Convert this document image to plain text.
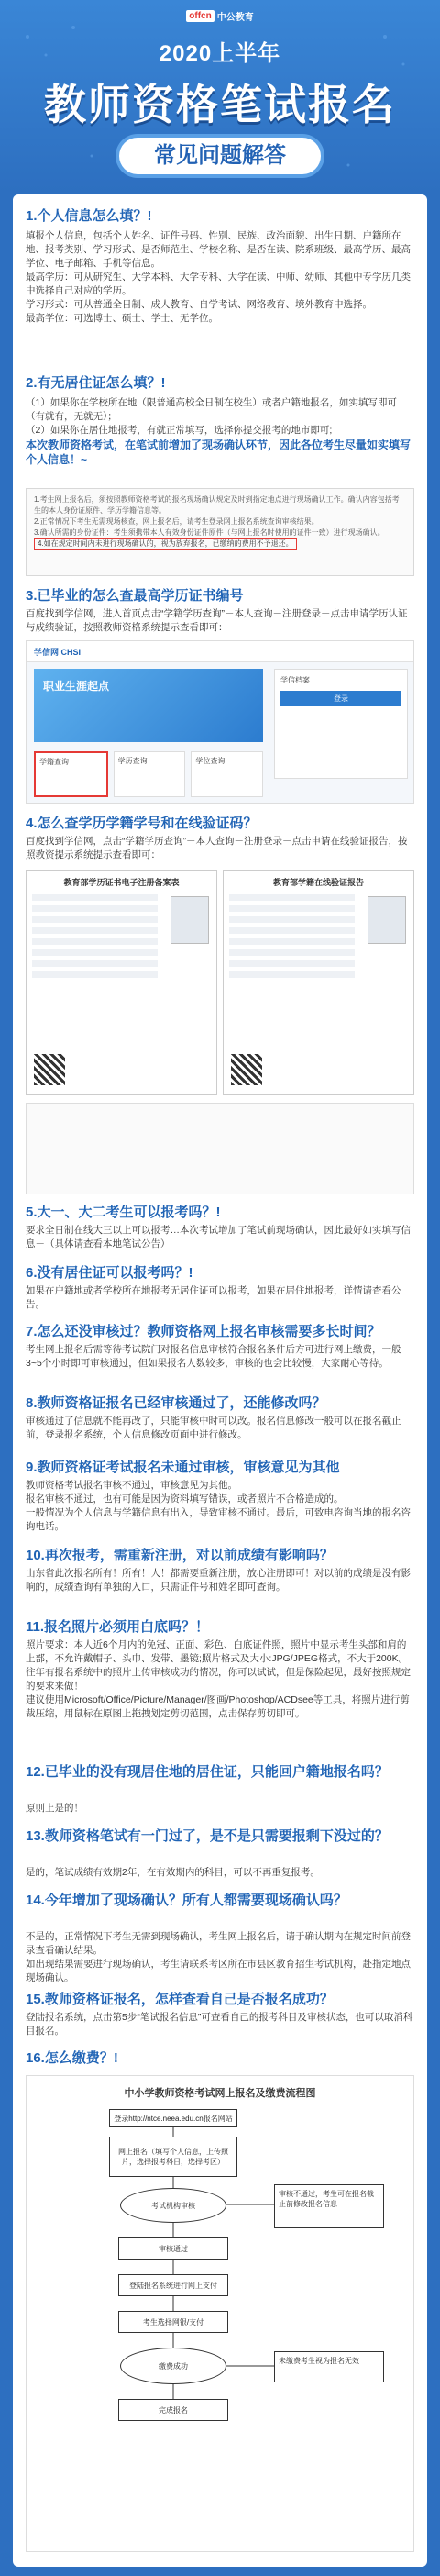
offcn 中公教育
2020上半年
教师资格笔试报名
常见问题解答
1.个人信息怎么填？!

填报个人信息，包括个人姓名、证件号码、性别、民族、政治面貌、出生日期、户籍所在地、报考类别、学习形式、是否师范生、学校名称、是否在读、院系班级、最高学历、最高学位、电子邮箱、手机等信息。

最高学历：可从研究生、大学本科、大学专科、大学在读、中师、幼师、其他中专学历几类中选择自己对应的学历。

学习形式：可从普通全日制、成人教育、自学考试、网络教育、境外教育中选择。

最高学位：可选博士、硕士、学士、无学位。

2.有无居住证怎么填？!

（1）如果你在学校所在地（限普通高校全日制在校生）或者户籍地报名，如实填写即可（有就有，无就无）；

（2）如果你在居住地报考，有就正常填写，选择你提交报考的地市即可;

本次教师资格考试，在笔试前增加了现场确认环节，因此各位考生尽量如实填写个人信息！~

1.考生网上报名后，须按照教师资格考试的报名现场确认规定及时到指定地点进行现场确认工作。确认内容包括考生的本人身份证原件、学历学籍信息等。
2.正常情况下考生无需现场核查，网上报名后，请考生登录网上报名系统查询审核结果。
3.确认所需的身份证件：考生须携带本人有效身份证件原件（与网上报名时使用的证件一致）进行现场确认。
4.如在规定时间内未进行现场确认的，视为放弃报名，已缴纳的费用不予退还。
3.已毕业的怎么查最高学历证书编号

百度找到学信网，进入首页点击“学籍学历查询”－本人查询－注册登录－点击申请学历认证与成绩验证，按照教师资格系统提示查看即可：

学信网 CHSI
职业生涯起点	学信档案
登录
学籍查询	学历查询	学位查询
4.怎么查学历学籍学号和在线验证码？

百度找到学信网，点击“学籍学历查询”－本人查询－注册登录－点击申请在线验证报告，按照教资提示系统提示查看即可：

教育部学历证书电子注册备案表	教育部学籍在线验证报告
5.大一、大二考生可以报考吗？!

要求全日制在线大三以上可以报考…本次考试增加了笔试前现场确认，因此最好如实填写信息－（具体请查看本地笔试公告）

6.没有居住证可以报考吗？!

如果在户籍地或者学校所在地报考无居住证可以报考，如果在居住地报考，详情请查看公告。

7.怎么还没审核过？教师资格网上报名审核需要多长时间？

考生网上报名后需等待考试院门对报名信息审核符合报名条件后方可进行网上缴费，一般3~5个小时即可审核通过，但如果报名人数较多，审核的也会比较慢，大家耐心等待。

8.教师资格证报名已经审核通过了，还能修改吗？

审核通过了信息就不能再改了，只能审核中时可以改。报名信息修改一般可以在报名截止前，登录报名系统，个人信息修改页面中进行修改。

9.教师资格证考试报名未通过审核，审核意见为其他

教师资格考试报名审核不通过，审核意见为其他。

报名审核不通过，也有可能是因为资料填写错误，或者照片不合格造成的。

一般情况为个人信息与学籍信息有出入，导致审核不通过。最后，可致电咨询当地的报名咨询电话。

10.再次报考，需重新注册，对以前成绩有影响吗？

山东省此次报名所有！所有！人！都需要重新注册，放心注册即可！对以前的成绩是没有影响的，成绩查询有单独的入口，只需证件号和姓名即可查询。

11.报名照片必须用白底吗？！

照片要求：本人近6个月内的免冠、正面、彩色、白底证件照，照片中显示考生头部和肩的上部，不允许戴帽子、头巾、发带、墨镜;照片格式及大小:JPG/JPEG格式，不大于200K。

往年有报名系统中的照片上传审核成功的情况，你可以试试，但是保险起见，最好按照规定的要求来做！

建议使用Microsoft/Office/Picture/Manager/图画/Photoshop/ACDsee等工具，将照片进行剪裁压缩，用鼠标在原图上拖拽划定剪切范围，点击保存剪切即可。

12.已毕业的没有现居住地的居住证，只能回户籍地报名吗？

原则上是的！

13.教师资格笔试有一门过了，是不是只需要报剩下没过的？

是的，笔试成绩有效期2年，在有效期内的科目，可以不再重复报考。

14.今年增加了现场确认？所有人都需要现场确认吗？

不是的，正常情况下考生无需到现场确认，考生网上报名后，请于确认期内在规定时间前登录查看确认结果。

如出现结果需要进行现场确认，考生请联系考区所在市县区教育招生考试机构，赴指定地点现场确认。

15.教师资格证报名，怎样查看自己是否报名成功？

登陆报名系统，点击第5步“笔试报名信息”可查看自己的报考科目及审核状态，也可以取消科目报名。

16.怎么缴费？!
中小学教师资格考试网上报名及缴费流程图
登录http://ntce.neea.edu.cn报名网站
网上报名（填写个人信息，上传照片，选择报考科目，选择考区）
考试机构审核
审核通过
登陆报名系统进行网上支付
考生选择网银/支付
缴费成功
完成报名
审核不通过，考生可在报名截止前修改报名信息
未缴费考生视为报名无效
